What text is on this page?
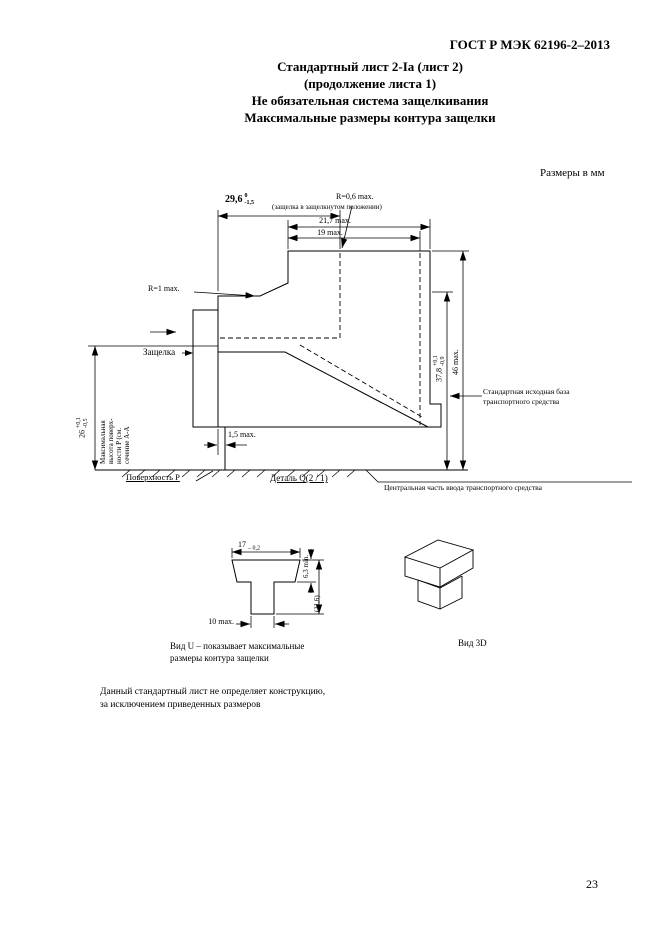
ГОСТ Р МЭК 62196-2–2013
Стандартный лист 2-Ia (лист 2)
(продолжение листа 1)
Не обязательная система защелкивания
Максимальные размеры контура защелки
Размеры в мм
29,6 0
-1,5
(защелка в защелкнутом положении)
R=0,6 max.
21,7 max.
19 max.
R=1 max.
Защелка
37,8
+0,1 -0,9 46 max.
26
+0,1 -0,5 Максимальная высота поверх- ности P (см. сечение А-А	1,5 max.
Поверхность P	Деталь Q(2 / 1)
Центральная часть ввода транспортного средства
Стандартная исходная база
транспортного средства
17 $_{- 0,2}$
6,3 min.
(11,6)
10 max.
Вид U – показывает максимальные
размеры контура защелки
Вид 3D
Данный стандартный лист не определяет конструкцию,
за исключением приведенных размеров
23
